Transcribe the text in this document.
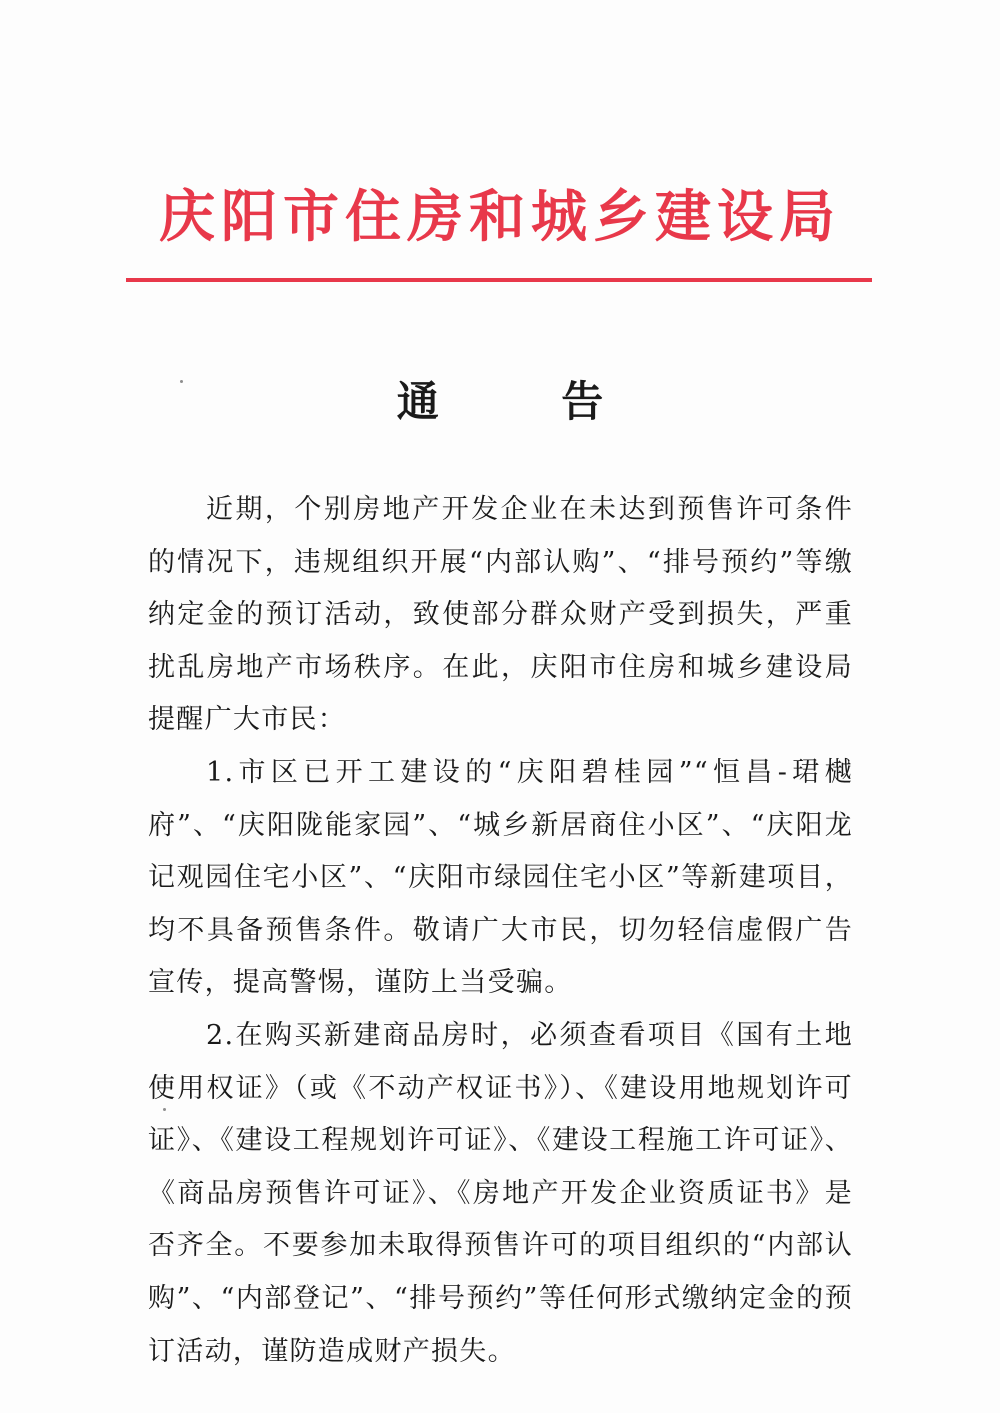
庆阳市住房和城乡建设局
通 告

近期，个别房地产开发企业在未达到预售许可条件的情况下，违规组织开展“内部认购”、“排号预约”等缴纳定金的预订活动，致使部分群众财产受到损失，严重扰乱房地产市场秩序。在此，庆阳市住房和城乡建设局提醒广大市民：

1.市区已开工建设的“庆阳碧桂园”“恒昌-珺樾府”、“庆阳陇能家园”、“城乡新居商住小区”、“庆阳龙记观园住宅小区”、“庆阳市绿园住宅小区”等新建项目，均不具备预售条件。敬请广大市民，切勿轻信虚假广告宣传，提高警惕，谨防上当受骗。

2.在购买新建商品房时，必须查看项目《国有土地使用权证》（或《不动产权证书》）、《建设用地规划许可证》、《建设工程规划许可证》、《建设工程施工许可证》、《商品房预售许可证》、《房地产开发企业资质证书》是否齐全。不要参加未取得预售许可的项目组织的“内部认购”、“内部登记”、“排号预约”等任何形式缴纳定金的预订活动，谨防造成财产损失。
